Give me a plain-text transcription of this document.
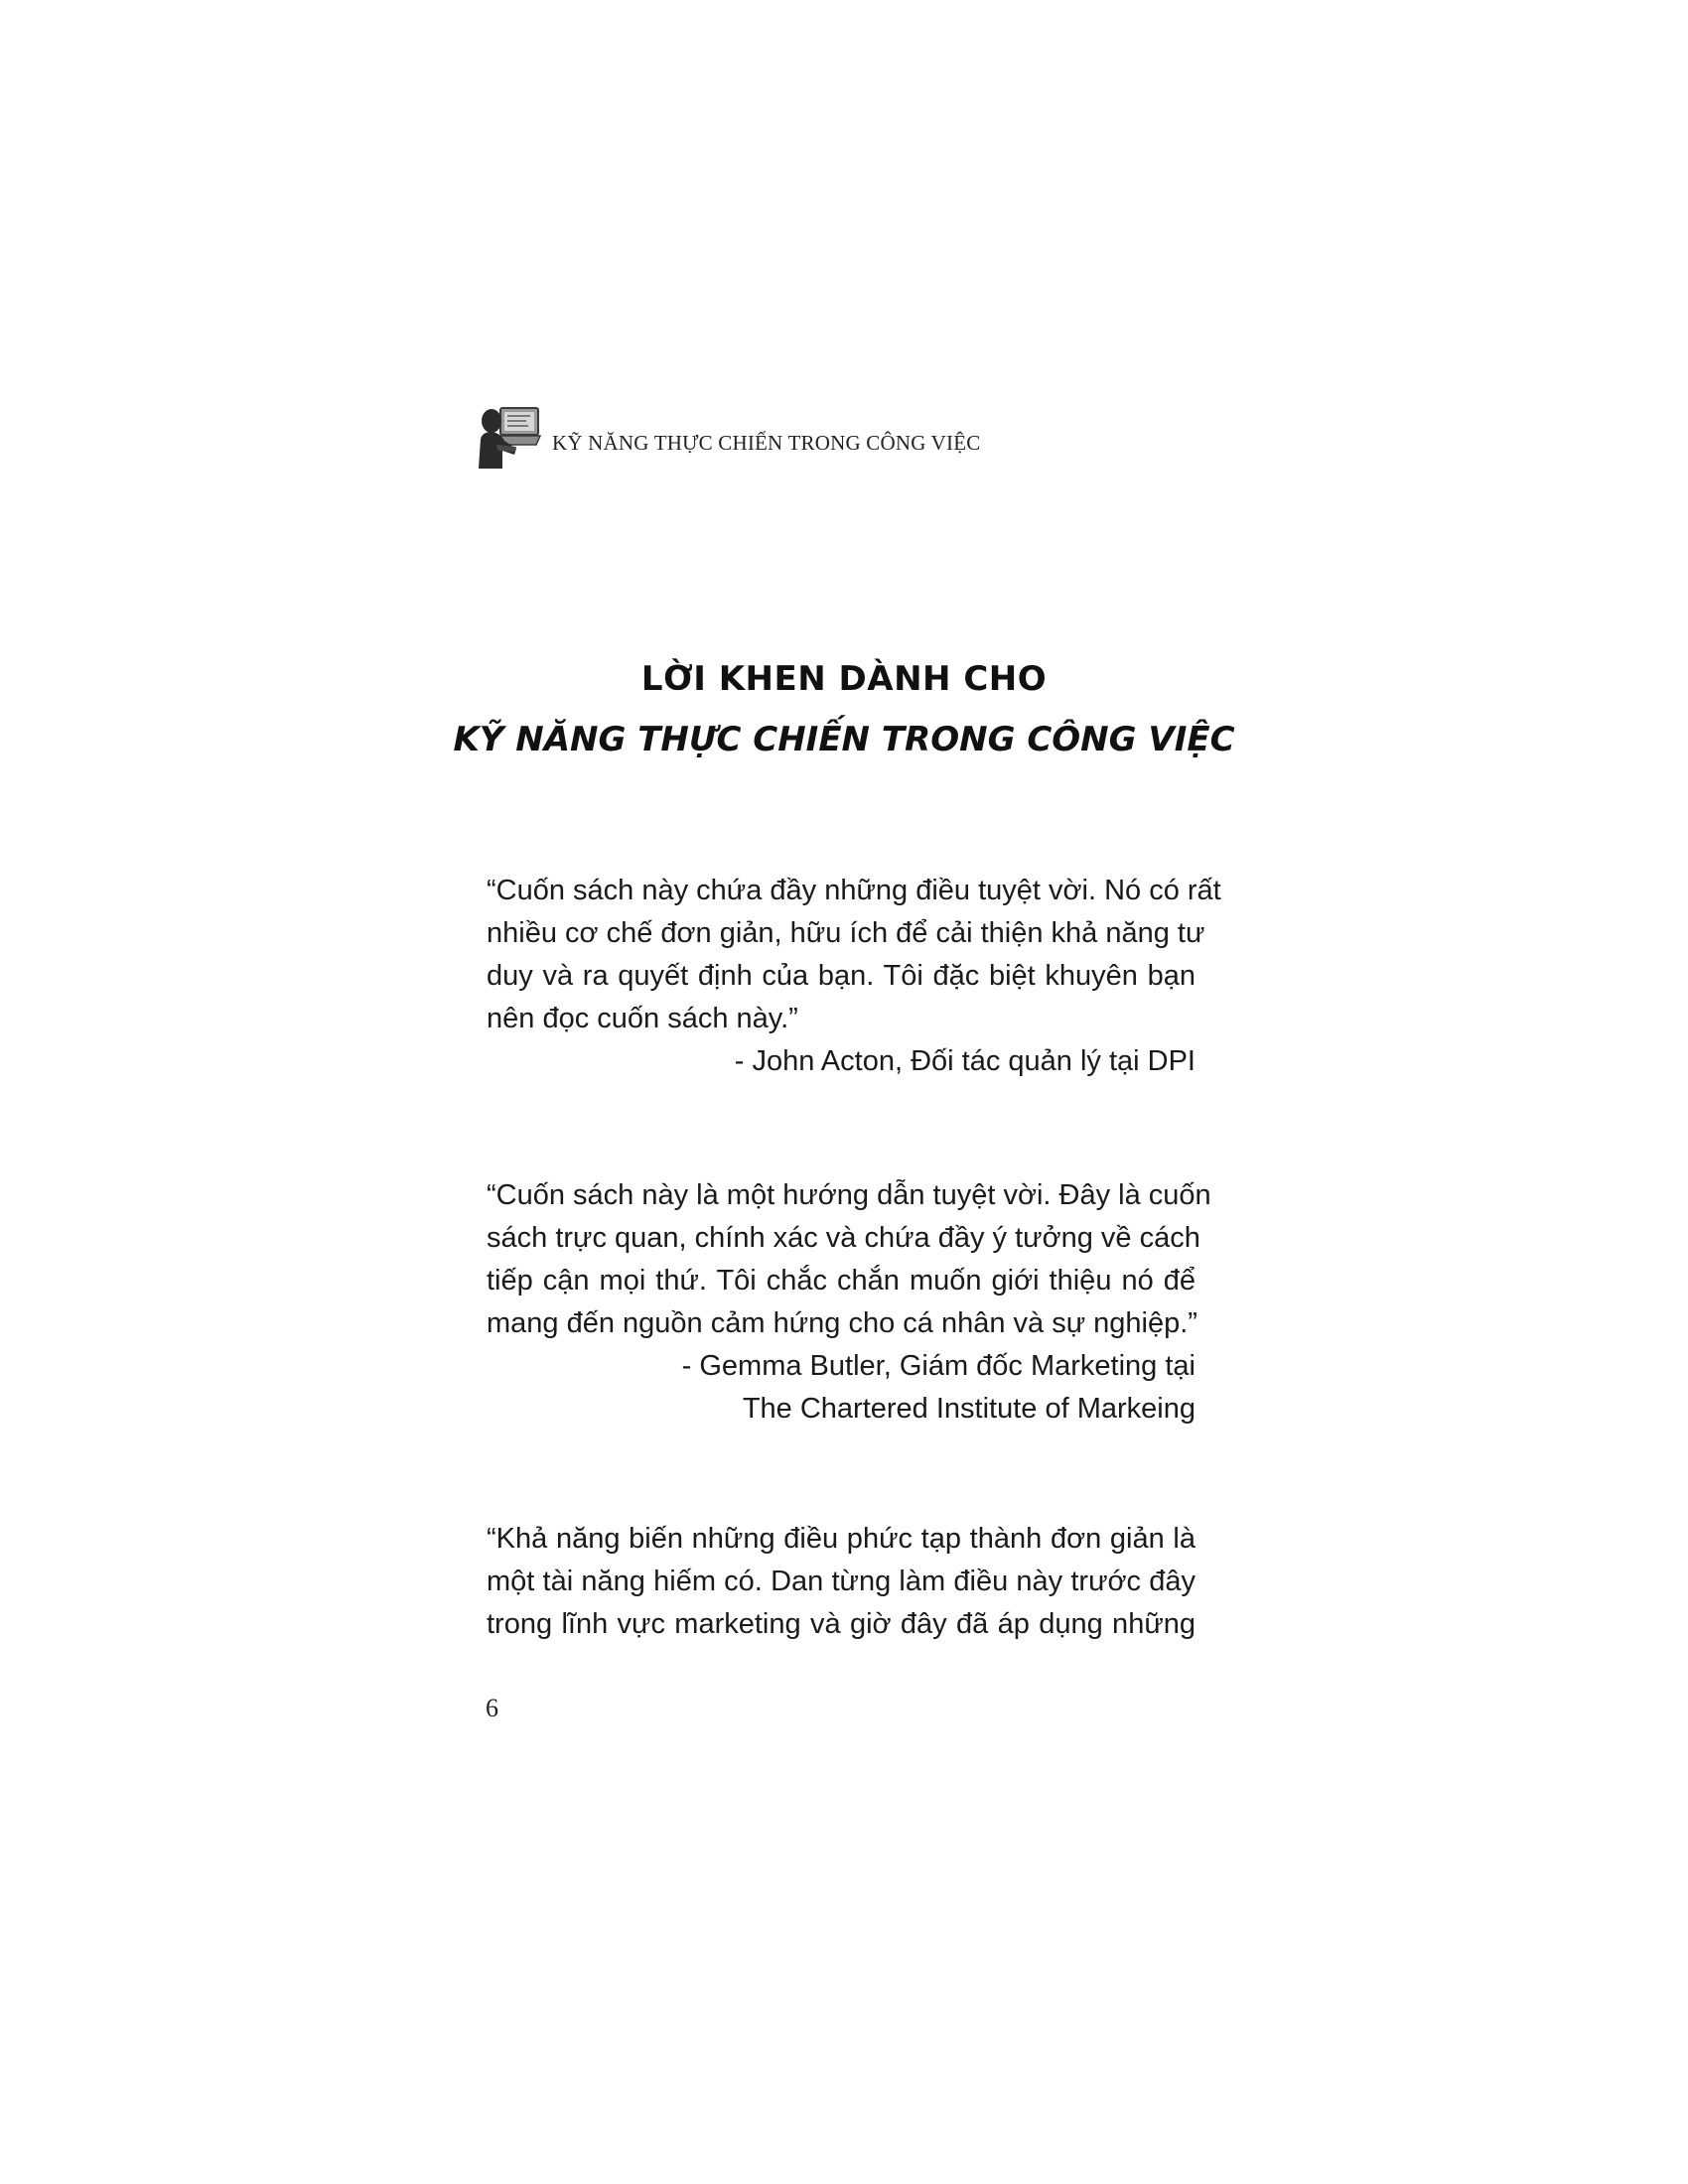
KỸ NĂNG THỰC CHIẾN TRONG CÔNG VIỆC
LỜI KHEN DÀNH CHO
KỸ NĂNG THỰC CHIẾN TRONG CÔNG VIỆC
“Cuốn sách này chứa đầy những điều tuyệt vời. Nó có rất
nhiều cơ chế đơn giản, hữu ích để cải thiện khả năng tư
duy và ra quyết định của bạn. Tôi đặc biệt khuyên bạn
nên đọc cuốn sách này.”
- John Acton, Đối tác quản lý tại DPI
“Cuốn sách này là một hướng dẫn tuyệt vời. Đây là cuốn
sách trực quan, chính xác và chứa đầy ý tưởng về cách
tiếp cận mọi thứ. Tôi chắc chắn muốn giới thiệu nó để
mang đến nguồn cảm hứng cho cá nhân và sự nghiệp.”
- Gemma Butler, Giám đốc Marketing tại
The Chartered Institute of Markeing
“Khả năng biến những điều phức tạp thành đơn giản là
một tài năng hiếm có. Dan từng làm điều này trước đây
trong lĩnh vực marketing và giờ đây đã áp dụng những
6
